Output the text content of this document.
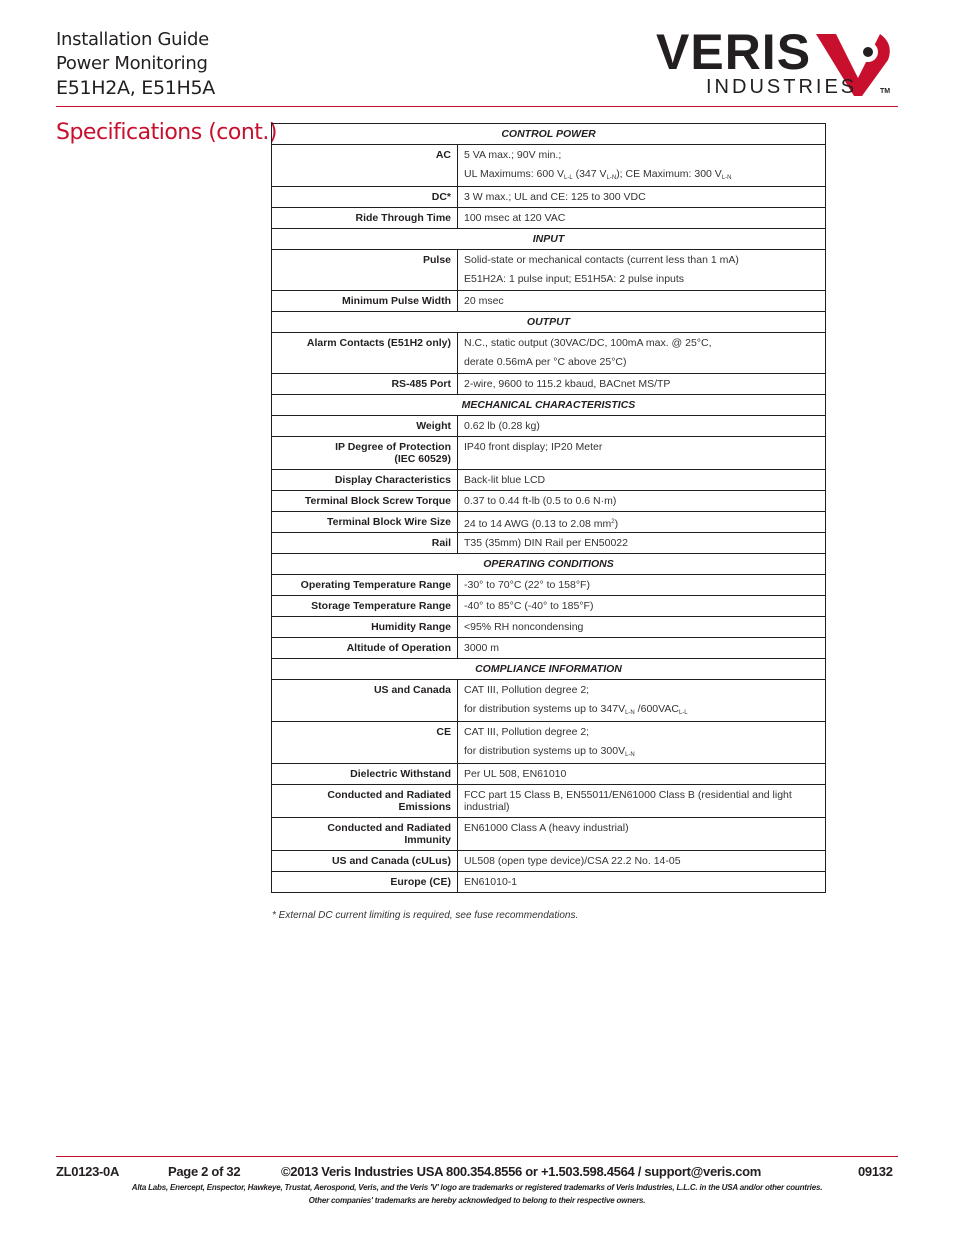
Installation Guide
Power Monitoring
E51H2A, E51H5A
VERIS
INDUSTRIES	TM
Specifications (cont.)	CONTROL POWER	
AC	5 VA max.; 90V min.;
UL Maximums: 600 $V_{L-L}$ (347 $V_{L-N}$); CE Maximum: 300 $V_{L-N}$

DC*	3 W max.; UL and CE: 125 to 300 VDC

Ride Through Time	100 msec at 120 VAC

INPUT	
Pulse	Solid-state or mechanical contacts (current less than 1 mA)
E51H2A: 1 pulse input; E51H5A: 2 pulse inputs

Minimum Pulse Width	20 msec

OUTPUT	
Alarm Contacts (E51H2 only)	N.C., static output (30VAC/DC, 100mA max. @ 25°C,
derate 0.56mA per °C above 25°C)

RS-485 Port	2-wire, 9600 to 115.2 kbaud, BACnet MS/TP

MECHANICAL CHARACTERISTICS	
Weight	0.62 lb (0.28 kg)

IP Degree of Protection
(IEC 60529)	IP40 front display; IP20 Meter

Display Characteristics	Back-lit blue LCD

Terminal Block Screw Torque	0.37 to 0.44 ft-lb (0.5 to 0.6 N·m)

Terminal Block Wire Size	24 to 14 AWG (0.13 to 2.08 $mm^2$)

Rail	T35 (35mm) DIN Rail per EN50022

OPERATING CONDITIONS	
Operating Temperature Range	-30° to 70°C (22° to 158°F)

Storage Temperature Range	-40° to 85°C (-40° to 185°F)

Humidity Range	<95% RH noncondensing

Altitude of Operation	3000 m

COMPLIANCE INFORMATION	
US and Canada	CAT III, Pollution degree 2;
for distribution systems up to $347V_{L-N}$ $/600VAC_{L-L}$

CE	CAT III, Pollution degree 2;
for distribution systems up to $300V_{L-N}$

Dielectric Withstand	Per UL 508, EN61010

Conducted and Radiated
Emissions	FCC part 15 Class B, EN55011/EN61000 Class B (residential and light industrial)

Conducted and Radiated
Immunity	EN61000 Class A (heavy industrial)

US and Canada (cULus)	UL508 (open type device)/CSA 22.2 No. 14-05

Europe (CE)	EN61010-1
* External DC current limiting is required, see fuse recommendations.
ZL0123-0A	Page 2 of 32	©2013 Veris Industries USA 800.354.8556 or +1.503.598.4564 / support@veris.com	09132
Alta Labs, Enercept, Enspector, Hawkeye, Trustat, Aerospond, Veris, and the Veris 'V' logo are trademarks or registered trademarks of Veris Industries, L.L.C. in the USA and/or other countries.
Other companies' trademarks are hereby acknowledged to belong to their respective owners.
